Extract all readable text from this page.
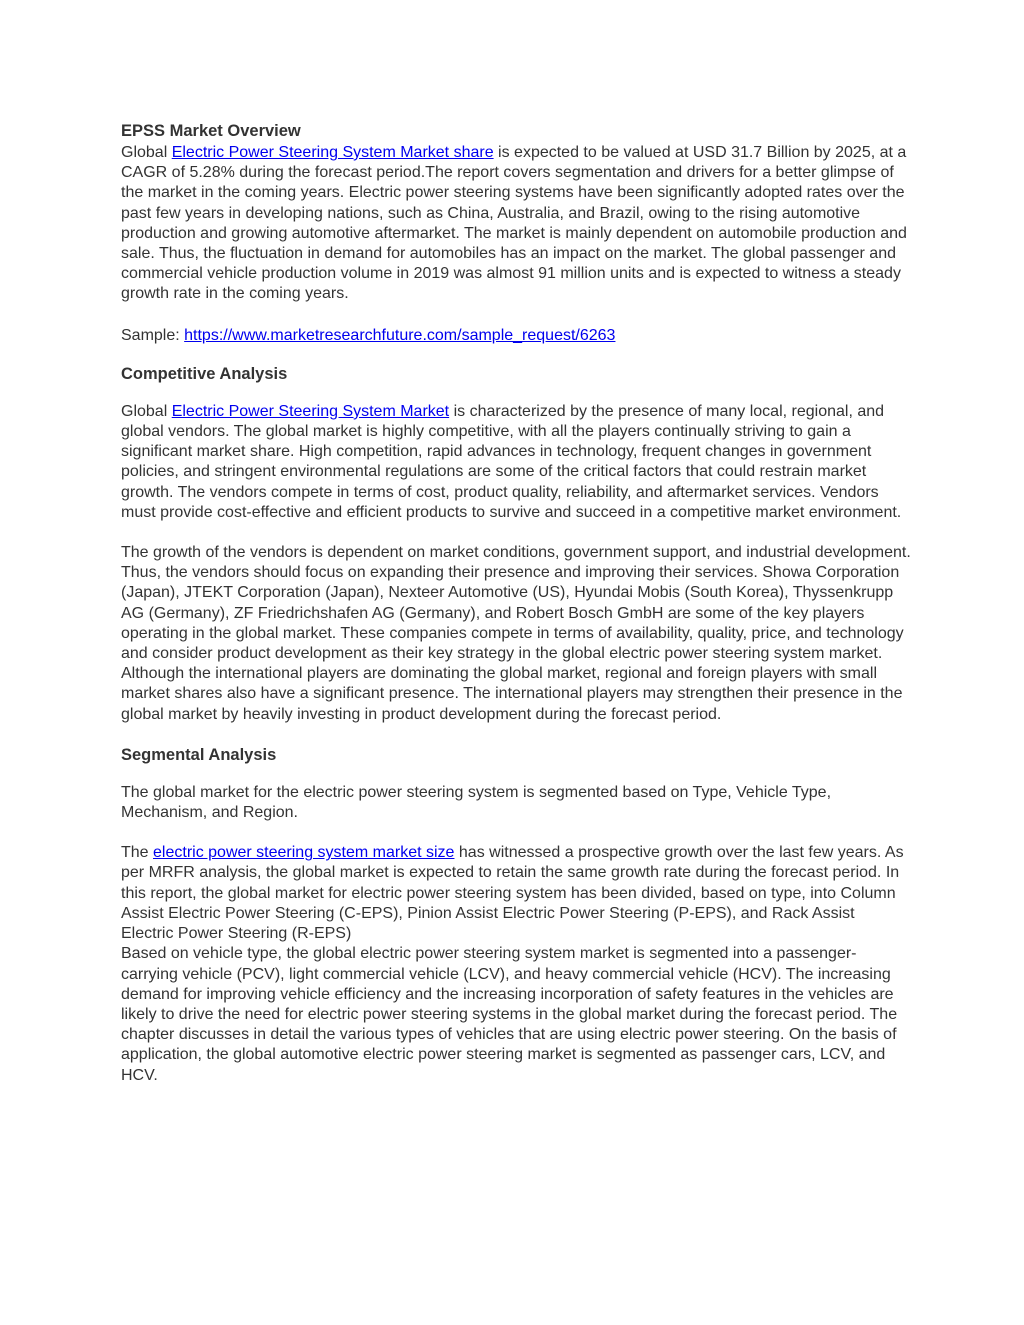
EPSS Market Overview

Global Electric Power Steering System Market share is expected to be valued at USD 31.7 Billion by 2025, at a CAGR of 5.28% during the forecast period.The report covers segmentation and drivers for a better glimpse of the market in the coming years. Electric power steering systems have been significantly adopted rates over the past few years in developing nations, such as China, Australia, and Brazil, owing to the rising automotive production and growing automotive aftermarket. The market is mainly dependent on automobile production and sale. Thus, the fluctuation in demand for automobiles has an impact on the market. The global passenger and commercial vehicle production volume in 2019 was almost 91 million units and is expected to witness a steady growth rate in the coming years.

Sample: https://www.marketresearchfuture.com/sample_request/6263

Competitive Analysis

Global Electric Power Steering System Market is characterized by the presence of many local, regional, and global vendors. The global market is highly competitive, with all the players continually striving to gain a significant market share. High competition, rapid advances in technology, frequent changes in government policies, and stringent environmental regulations are some of the critical factors that could restrain market growth. The vendors compete in terms of cost, product quality, reliability, and aftermarket services. Vendors must provide cost-effective and efficient products to survive and succeed in a competitive market environment.

The growth of the vendors is dependent on market conditions, government support, and industrial development. Thus, the vendors should focus on expanding their presence and improving their services. Showa Corporation (Japan), JTEKT Corporation (Japan), Nexteer Automotive (US), Hyundai Mobis (South Korea), Thyssenkrupp AG (Germany), ZF Friedrichshafen AG (Germany), and Robert Bosch GmbH are some of the key players operating in the global market. These companies compete in terms of availability, quality, price, and technology and consider product development as their key strategy in the global electric power steering system market. Although the international players are dominating the global market, regional and foreign players with small market shares also have a significant presence. The international players may strengthen their presence in the global market by heavily investing in product development during the forecast period.

Segmental Analysis

The global market for the electric power steering system is segmented based on Type, Vehicle Type, Mechanism, and Region.

The electric power steering system market size has witnessed a prospective growth over the last few years. As per MRFR analysis, the global market is expected to retain the same growth rate during the forecast period. In this report, the global market for electric power steering system has been divided, based on type, into Column Assist Electric Power Steering (C-EPS), Pinion Assist Electric Power Steering (P-EPS), and Rack Assist Electric Power Steering (R-EPS)

Based on vehicle type, the global electric power steering system market is segmented into a passenger-carrying vehicle (PCV), light commercial vehicle (LCV), and heavy commercial vehicle (HCV). The increasing demand for improving vehicle efficiency and the increasing incorporation of safety features in the vehicles are likely to drive the need for electric power steering systems in the global market during the forecast period. The chapter discusses in detail the various types of vehicles that are using electric power steering. On the basis of application, the global automotive electric power steering market is segmented as passenger cars, LCV, and HCV.
